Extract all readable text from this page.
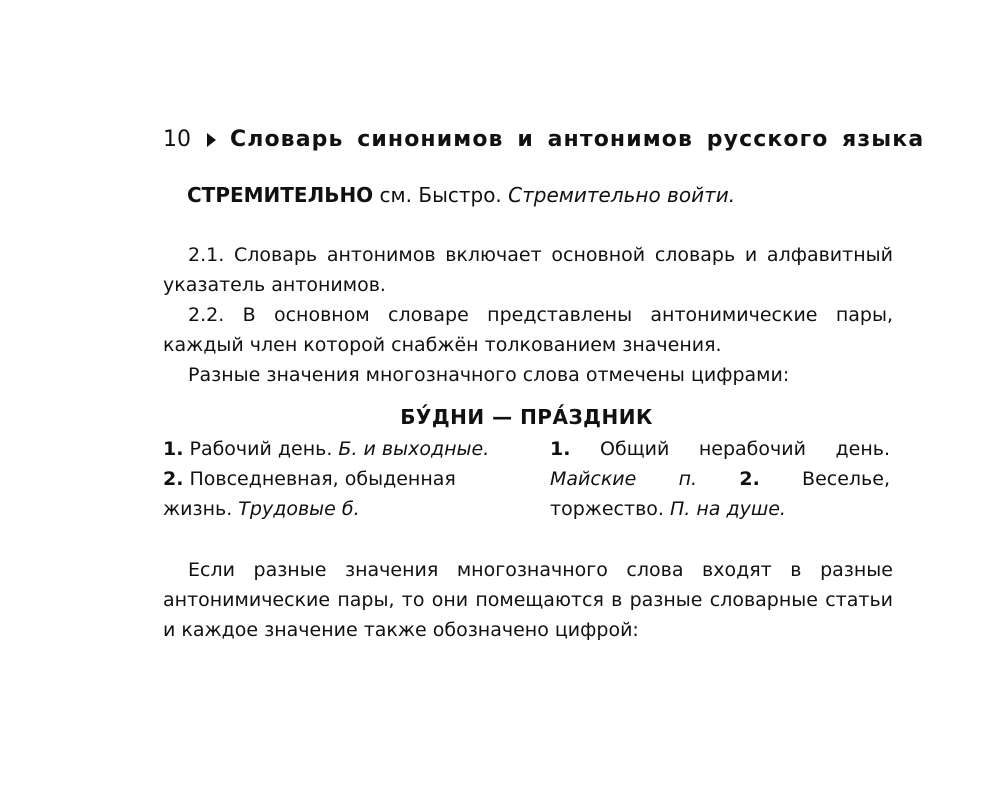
10 Словарь синонимов и антонимов русского языка
СТРЕМИТЕЛЬНО см. Быстро. Стремительно войти.
2.1. Словарь антонимов включает основной словарь и алфавитный указатель антонимов.
2.2. В основном словаре представлены антонимические пары, каждый член которой снабжён толкованием значения.
Разные значения многозначного слова отмечены цифрами:
БУ́ДНИ — ПРА́ЗДНИК
1. Рабочий день. Б. и выходные.
2. Повседневная, обыденная жизнь. Трудовые б.
1. Общий нерабочий день. Майские п. 2. Веселье, торжество. П. на душе.
Если разные значения многозначного слова входят в разные антонимические пары, то они помещаются в разные словарные статьи и каждое значение также обозначено цифрой:
